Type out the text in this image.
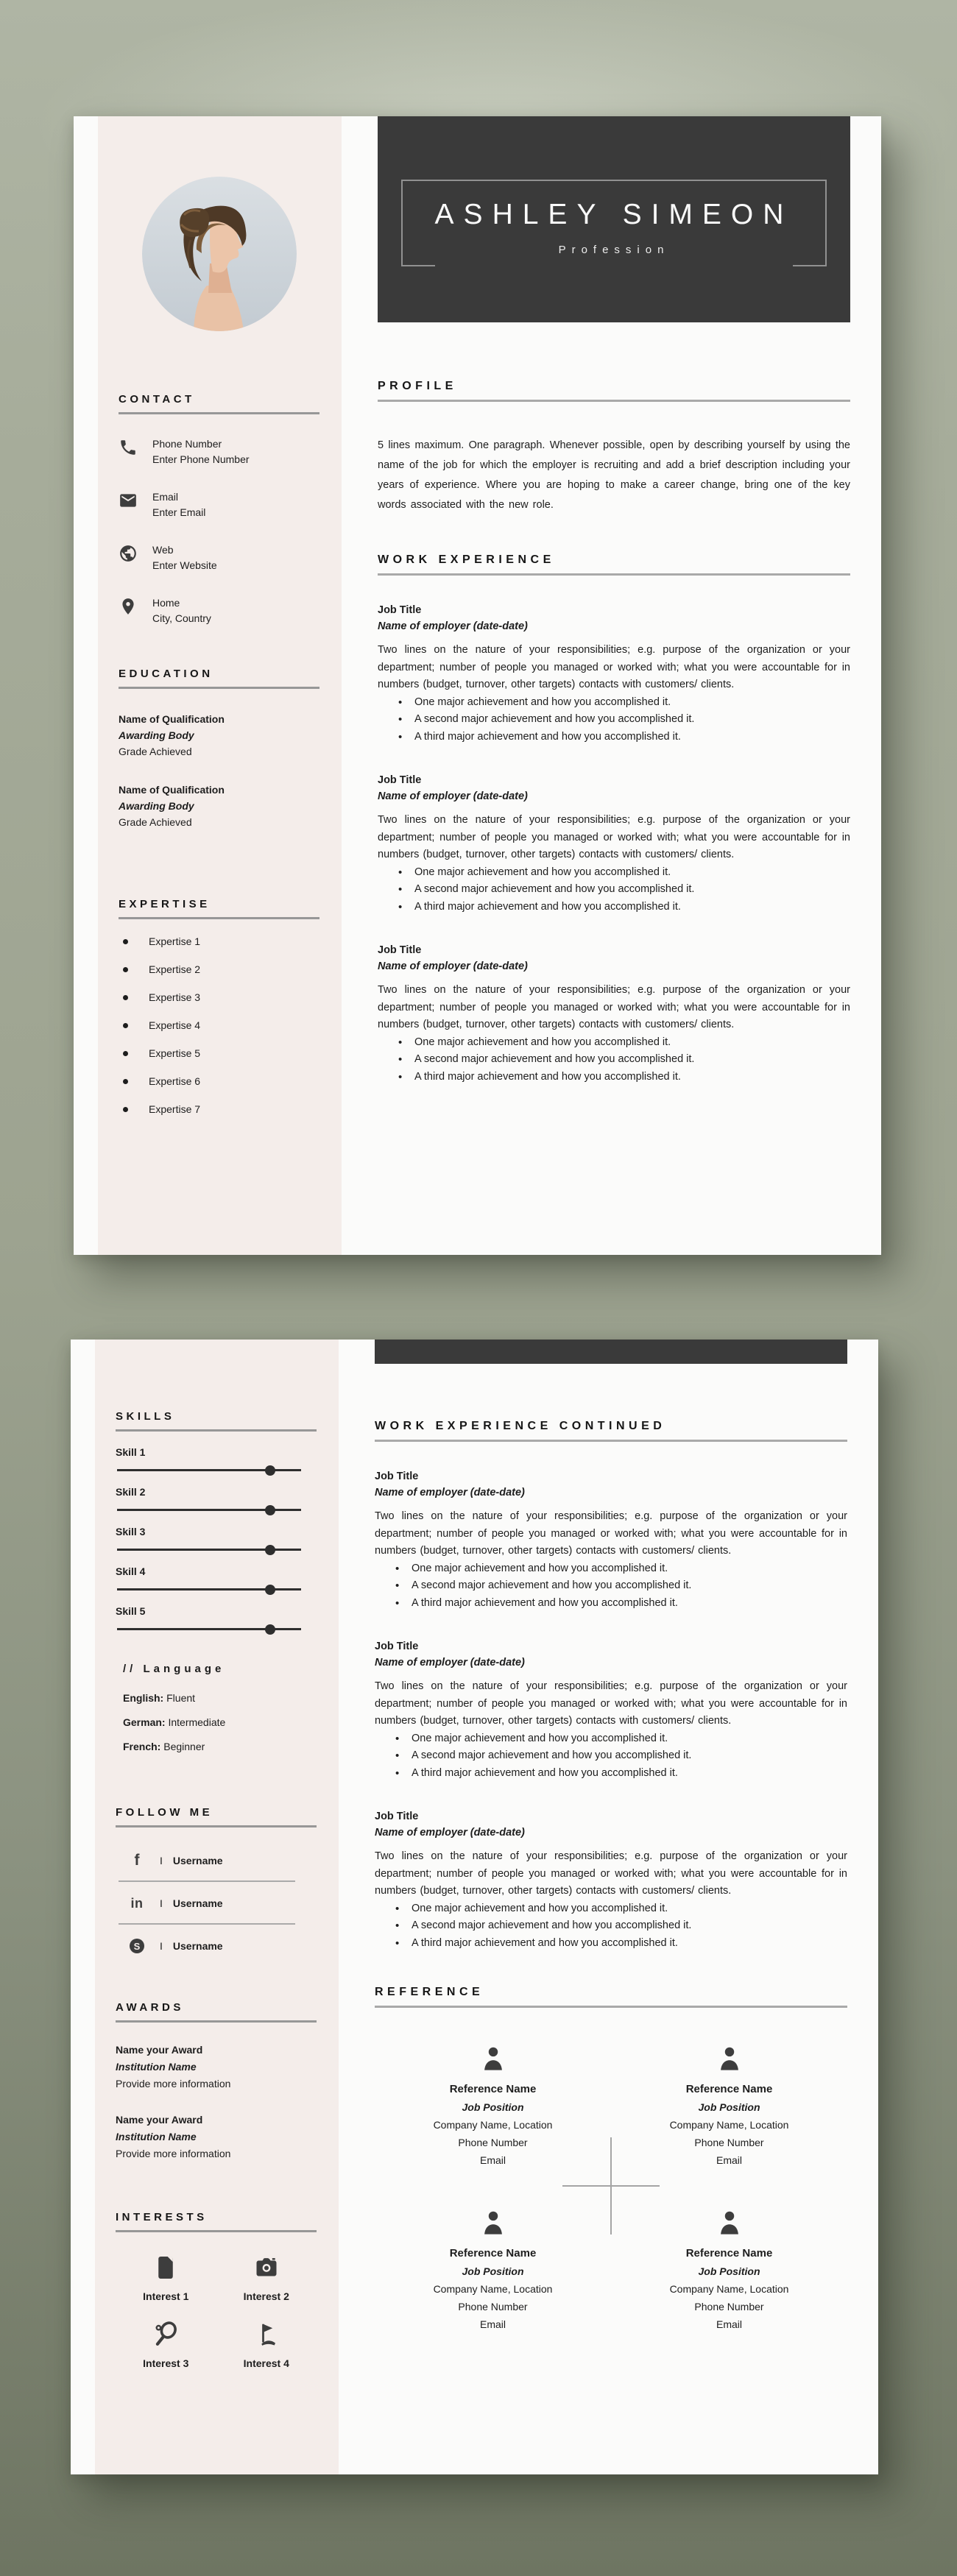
CONTACT
Phone Number
Enter Phone Number
Email
Enter Email
Web
Enter Website
Home
City, Country
EDUCATION
Name of Qualification
Awarding Body
Grade Achieved
Name of Qualification
Awarding Body
Grade Achieved
EXPERTISE
Expertise 1
Expertise 2
Expertise 3
Expertise 4
Expertise 5
Expertise 6
Expertise 7
ASHLEY SIMEON
Profession
PROFILE

5 lines maximum. One paragraph. Whenever possible, open by describing yourself by using the name of the job for which the employer is recruiting and add a brief description including your years of experience. Where you are hoping to make a career change, bring one of the key words associated with the new role.

WORK EXPERIENCE
Job Title
Name of employer (date-date)

Two lines on the nature of your responsibilities; e.g. purpose of the organization or your department; number of people you managed or worked with; what you were accountable for in numbers (budget, turnover, other targets) contacts with customers/ clients.

• One major achievement and how you accomplished it.
• A second major achievement and how you accomplished it.
• A third major achievement and how you accomplished it.
Job Title
Name of employer (date-date)

Two lines on the nature of your responsibilities; e.g. purpose of the organization or your department; number of people you managed or worked with; what you were accountable for in numbers (budget, turnover, other targets) contacts with customers/ clients.

• One major achievement and how you accomplished it.
• A second major achievement and how you accomplished it.
• A third major achievement and how you accomplished it.
Job Title
Name of employer (date-date)

Two lines on the nature of your responsibilities; e.g. purpose of the organization or your department; number of people you managed or worked with; what you were accountable for in numbers (budget, turnover, other targets) contacts with customers/ clients.

• One major achievement and how you accomplished it.
• A second major achievement and how you accomplished it.
• A third major achievement and how you accomplished it.
SKILLS
Skill 1
Skill 2
Skill 3
Skill 4
Skill 5
// Language
English: Fluent
German: Intermediate
French: Beginner
FOLLOW ME
f	I Username
in	I Username
S	I Username
AWARDS
Name your Award
Institution Name
Provide more information
Name your Award
Institution Name
Provide more information
INTERESTS
Interest 1	Interest 2
Interest 3	Interest 4
WORK EXPERIENCE CONTINUED
Job Title
Name of employer (date-date)

Two lines on the nature of your responsibilities; e.g. purpose of the organization or your department; number of people you managed or worked with; what you were accountable for in numbers (budget, turnover, other targets) contacts with customers/ clients.

• One major achievement and how you accomplished it.
• A second major achievement and how you accomplished it.
• A third major achievement and how you accomplished it.
Job Title
Name of employer (date-date)

Two lines on the nature of your responsibilities; e.g. purpose of the organization or your department; number of people you managed or worked with; what you were accountable for in numbers (budget, turnover, other targets) contacts with customers/ clients.

• One major achievement and how you accomplished it.
• A second major achievement and how you accomplished it.
• A third major achievement and how you accomplished it.
Job Title
Name of employer (date-date)

Two lines on the nature of your responsibilities; e.g. purpose of the organization or your department; number of people you managed or worked with; what you were accountable for in numbers (budget, turnover, other targets) contacts with customers/ clients.

• One major achievement and how you accomplished it.
• A second major achievement and how you accomplished it.
• A third major achievement and how you accomplished it.
REFERENCE
Reference Name
Job Position
Company Name, Location
Phone Number
Email
Reference Name
Job Position
Company Name, Location
Phone Number
Email
Reference Name
Job Position
Company Name, Location
Phone Number
Email
Reference Name
Job Position
Company Name, Location
Phone Number
Email
